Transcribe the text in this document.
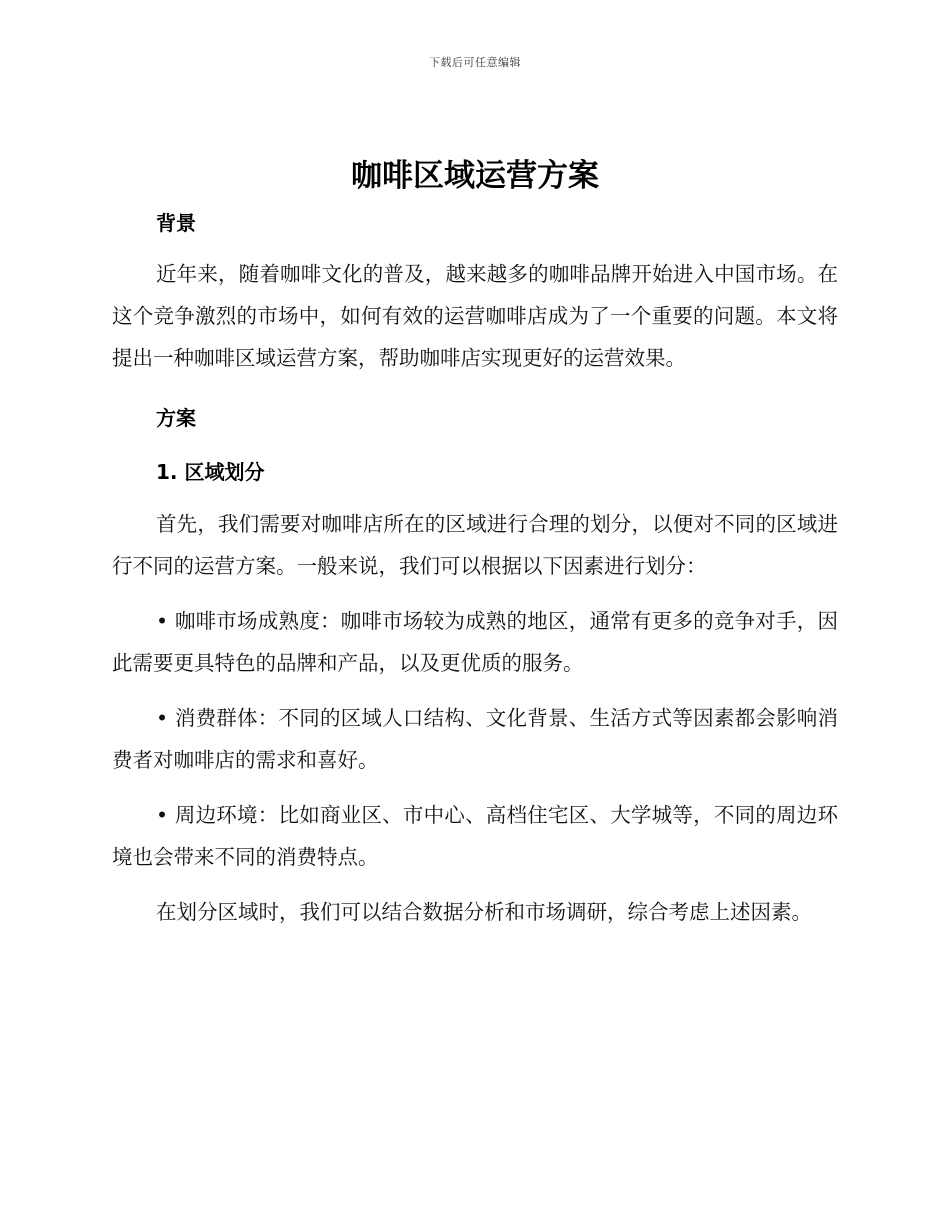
下载后可任意编辑
咖啡区域运营方案
背景
近年来，随着咖啡文化的普及，越来越多的咖啡品牌开始进入中国市场。在这个竞争激烈的市场中，如何有效的运营咖啡店成为了一个重要的问题。本文将提出一种咖啡区域运营方案，帮助咖啡店实现更好的运营效果。
方案
1. 区域划分
首先，我们需要对咖啡店所在的区域进行合理的划分，以便对不同的区域进行不同的运营方案。一般来说，我们可以根据以下因素进行划分：
• 咖啡市场成熟度：咖啡市场较为成熟的地区，通常有更多的竞争对手，因此需要更具特色的品牌和产品，以及更优质的服务。
• 消费群体：不同的区域人口结构、文化背景、生活方式等因素都会影响消费者对咖啡店的需求和喜好。
• 周边环境：比如商业区、市中心、高档住宅区、大学城等，不同的周边环境也会带来不同的消费特点。
在划分区域时，我们可以结合数据分析和市场调研，综合考虑上述因素。
